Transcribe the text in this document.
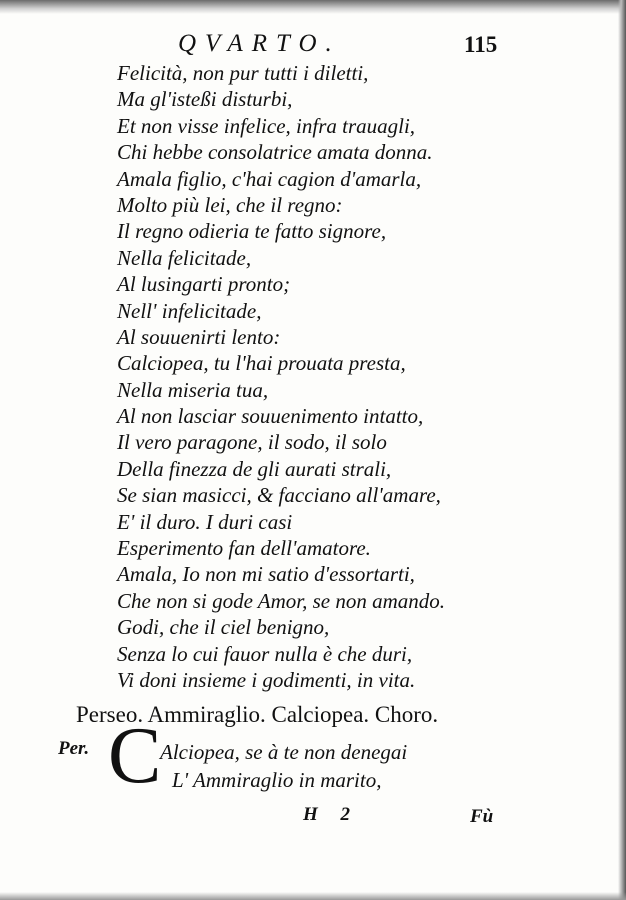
QVARTO.	115
Felicità, non pur tutti i diletti,
Ma gl'isteßi disturbi,
Et non visse infelice, infra trauagli,
Chi hebbe consolatrice amata donna.
Amala figlio, c'hai cagion d'amarla,
Molto più lei, che il regno:
Il regno odieria te fatto signore,
Nella felicitade,
Al lusingarti pronto;
Nell' infelicitade,
Al souuenirti lento:
Calciopea, tu l'hai prouata presta,
Nella miseria tua,
Al non lasciar souuenimento intatto,
Il vero paragone, il sodo, il solo
Della finezza de gli aurati strali,
Se sian masicci, & facciano all'amare,
E' il duro. I duri casi
Esperimento fan dell'amatore.
Amala, Io non mi satio d'essortarti,
Che non si gode Amor, se non amando.
Godi, che il ciel benigno,
Senza lo cui fauor nulla è che duri,
Vi doni insieme i godimenti, in vita.
Perseo. Ammiraglio. Calciopea. Choro.
Per. C
Alciopea, se à te non denegai
L' Ammiraglio in marito,
H 2	Fù
